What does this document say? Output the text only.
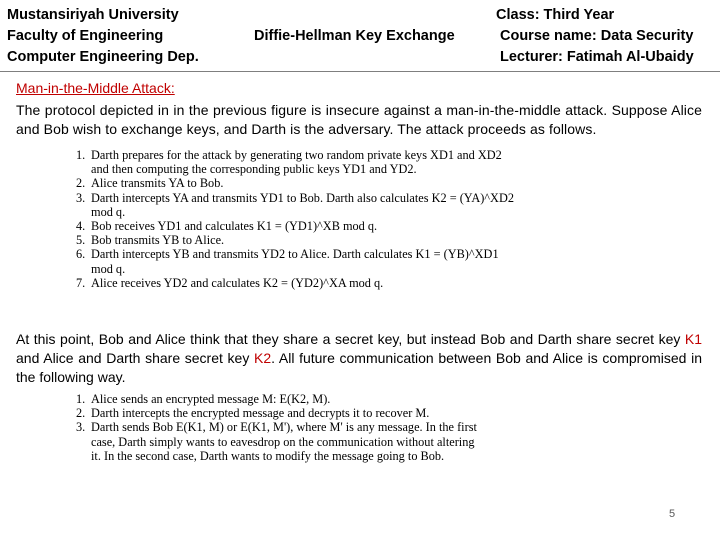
Mustansiriyah University
Faculty of Engineering
Computer Engineering Dep.
Diffie-Hellman Key Exchange
Class: Third Year
Course name: Data Security
Lecturer: Fatimah Al-Ubaidy
Man-in-the-Middle Attack:
The protocol depicted in in the previous figure is insecure against a man-in-the-middle attack. Suppose Alice and Bob wish to exchange keys, and Darth is the adversary. The attack proceeds as follows.
1. Darth prepares for the attack by generating two random private keys XD1 and XD2 and then computing the corresponding public keys YD1 and YD2.
2. Alice transmits YA to Bob.
3. Darth intercepts YA and transmits YD1 to Bob. Darth also calculates K2 = (YA)^XD2 mod q.
4. Bob receives YD1 and calculates K1 = (YD1)^XB mod q.
5. Bob transmits YB to Alice.
6. Darth intercepts YB and transmits YD2 to Alice. Darth calculates K1 = (YB)^XD1 mod q.
7. Alice receives YD2 and calculates K2 = (YD2)^XA mod q.
At this point, Bob and Alice think that they share a secret key, but instead Bob and Darth share secret key K1 and Alice and Darth share secret key K2. All future communication between Bob and Alice is compromised in the following way.
1. Alice sends an encrypted message M: E(K2, M).
2. Darth intercepts the encrypted message and decrypts it to recover M.
3. Darth sends Bob E(K1, M) or E(K1, M'), where M' is any message. In the first case, Darth simply wants to eavesdrop on the communication without altering it. In the second case, Darth wants to modify the message going to Bob.
5
